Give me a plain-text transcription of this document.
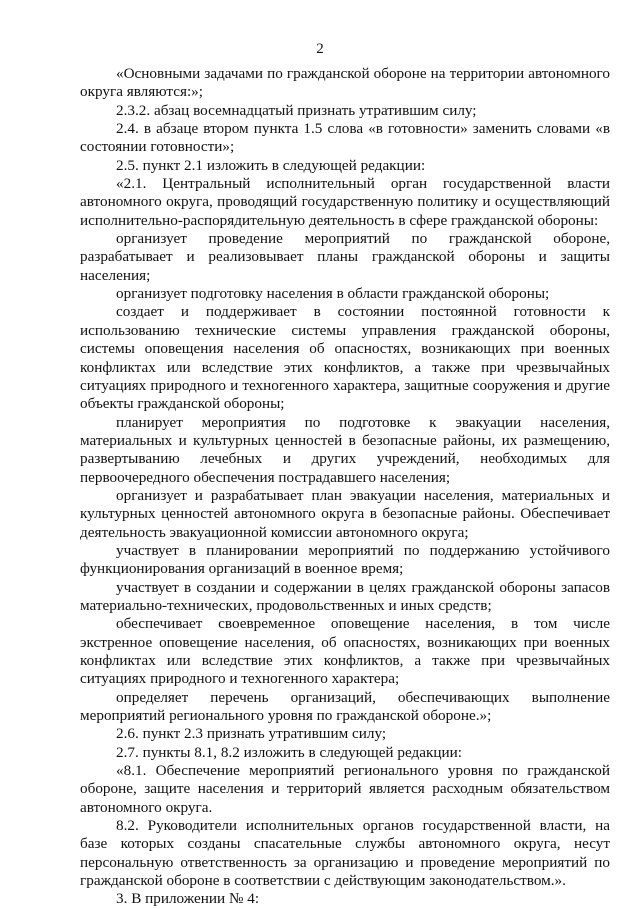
2

«Основными задачами по гражданской обороне на территории автономного округа являются:»;

2.3.2. абзац восемнадцатый признать утратившим силу;

2.4. в абзаце втором пункта 1.5 слова «в готовности» заменить словами «в состоянии готовности»;

2.5. пункт 2.1 изложить в следующей редакции:

«2.1. Центральный исполнительный орган государственной власти автономного округа, проводящий государственную политику и осуществляющий исполнительно-распорядительную деятельность в сфере гражданской обороны:

организует проведение мероприятий по гражданской обороне, разрабатывает и реализовывает планы гражданской обороны и защиты населения;

организует подготовку населения в области гражданской обороны;

создает и поддерживает в состоянии постоянной готовности к использованию технические системы управления гражданской обороны, системы оповещения населения об опасностях, возникающих при военных конфликтах или вследствие этих конфликтов, а также при чрезвычайных ситуациях природного и техногенного характера, защитные сооружения и другие объекты гражданской обороны;

планирует мероприятия по подготовке к эвакуации населения, материальных и культурных ценностей в безопасные районы, их размещению, развертыванию лечебных и других учреждений, необходимых для первоочередного обеспечения пострадавшего населения;

организует и разрабатывает план эвакуации населения, материальных и культурных ценностей автономного округа в безопасные районы. Обеспечивает деятельность эвакуационной комиссии автономного округа;

участвует в планировании мероприятий по поддержанию устойчивого функционирования организаций в военное время;

участвует в создании и содержании в целях гражданской обороны запасов материально-технических, продовольственных и иных средств;

обеспечивает своевременное оповещение населения, в том числе экстренное оповещение населения, об опасностях, возникающих при военных конфликтах или вследствие этих конфликтов, а также при чрезвычайных ситуациях природного и техногенного характера;

определяет перечень организаций, обеспечивающих выполнение мероприятий регионального уровня по гражданской обороне.»;

2.6. пункт 2.3 признать утратившим силу;

2.7. пункты 8.1, 8.2 изложить в следующей редакции:

«8.1. Обеспечение мероприятий регионального уровня по гражданской обороне, защите населения и территорий является расходным обязательством автономного округа.

8.2. Руководители исполнительных органов государственной власти, на базе которых созданы спасательные службы автономного округа, несут персональную ответственность за организацию и проведение мероприятий по гражданской обороне в соответствии с действующим законодательством.».

3. В приложении № 4:
